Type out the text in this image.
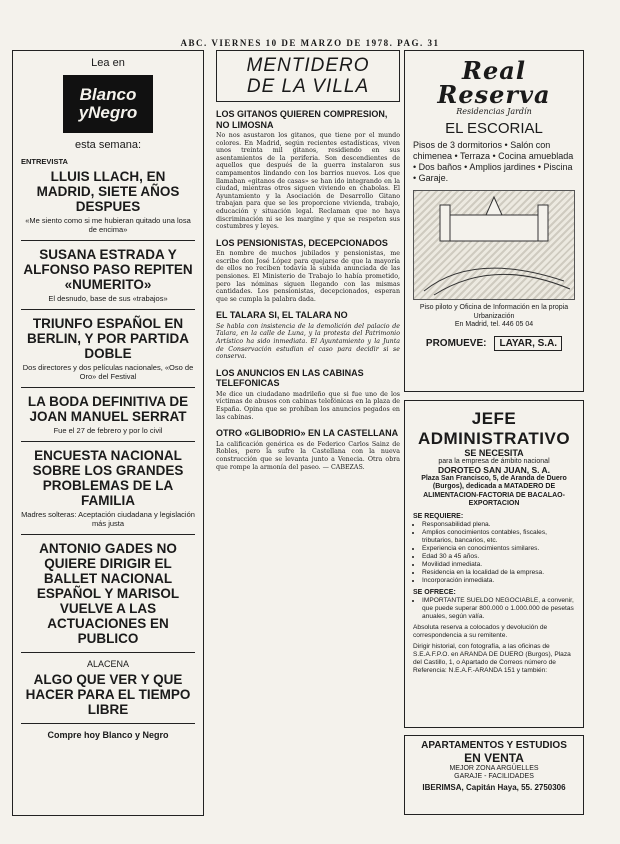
ABC. VIERNES 10 DE MARZO DE 1978. PAG. 31
Lea en
Blanco
yNegro
esta semana:
ENTREVISTA
LLUIS LLACH, EN MADRID, SIETE AÑOS DESPUES
«Me siento como si me hubieran quitado una losa de encima»
SUSANA ESTRADA Y ALFONSO PASO REPITEN «NUMERITO»
El desnudo, base de sus «trabajos»
TRIUNFO ESPAÑOL EN BERLIN, Y POR PARTIDA DOBLE
Dos directores y dos películas nacionales, «Oso de Oro» del Festival
LA BODA DEFINITIVA DE JOAN MANUEL SERRAT
Fue el 27 de febrero y por lo civil
ENCUESTA NACIONAL SOBRE LOS GRANDES PROBLEMAS DE LA FAMILIA
Madres solteras: Aceptación ciudadana y legislación más justa
ANTONIO GADES NO QUIERE DIRIGIR EL BALLET NACIONAL ESPAÑOL Y MARISOL VUELVE A LAS ACTUACIONES EN PUBLICO
ALACENA
ALGO QUE VER Y QUE HACER PARA EL TIEMPO LIBRE
Compre hoy Blanco y Negro
MENTIDERO
DE LA VILLA
LOS GITANOS QUIEREN COMPRESION, NO LIMOSNA
No nos asustaron los gitanos, que tiene por el mundo colores. En Madrid, según recientes estadísticas, viven unos treinta mil gitanos, residiendo en sus asentamientos de la periferia. Son descendientes de aquellos que después de la guerra instalaron sus campamentos lindando con los barrios nuevos. Los que llamaban «gitanos de casas» se han ido integrando en la ciudad, mientras otros siguen viviendo en chabolas. El Ayuntamiento y la Asociación de Desarrollo Gitano trabajan para que se les proporcione vivienda, trabajo, educación y situación legal. Reclaman que no haya discriminación ni se les margine y que se respeten sus costumbres y leyes.
LOS PENSIONISTAS, DECEPCIONADOS
En nombre de muchos jubilados y pensionistas, me escribe don José López para quejarse de que la mayoría de ellos no reciben todavía la subida anunciada de las pensiones. El Ministerio de Trabajo lo había prometido, pero las nóminas siguen llegando con las mismas cantidades. Los pensionistas, decepcionados, esperan que se cumpla la palabra dada.
EL TALARA SI, EL TALARA NO
Se habla con insistencia de la demolición del palacio de Talara, en la calle de Luna, y la protesta del Patrimonio Artístico ha sido inmediata. El Ayuntamiento y la Junta de Conservación estudian el caso para decidir si se conserva.
LOS ANUNCIOS EN LAS CABINAS TELEFONICAS
Me dice un ciudadano madrileño que si fue uno de los víctimas de abusos con cabinas telefónicas en la plaza de España. Opina que se prohíban los anuncios pegados en las cabinas.
OTRO «GLIBODRIO» EN LA CASTELLANA
La calificación genérica es de Federico Carlos Sainz de Robles, pero la sufre la Castellana con la nueva construcción que se levanta junto a Venecia. Otra obra que rompe la armonía del paseo. — CABEZAS.
Real
Reserva
Residencias Jardín
EL ESCORIAL
Pisos de 3 dormitorios • Salón con chimenea • Terraza • Cocina amueblada • Dos baños • Amplios jardines • Piscina • Garaje.
Piso piloto y Oficina de Información en la propia Urbanización
En Madrid, tel. 446 05 04
PROMUEVE:	LAYAR, S.A.
JEFE ADMINISTRATIVO
SE NECESITA
para la empresa de ámbito nacional
DOROTEO SAN JUAN, S. A.
Plaza San Francisco, 5, de Aranda de Duero (Burgos), dedicada a MATADERO DE ALIMENTACION-FACTORIA DE BACALAO-EXPORTACION
SE REQUIERE:
• Responsabilidad plena.
• Amplios conocimientos contables, fiscales, tributarios, bancarios, etc.
• Experiencia en conocimientos similares.
• Edad 30 a 45 años.
• Movilidad inmediata.
• Residencia en la localidad de la empresa.
• Incorporación inmediata.
SE OFRECE:
• IMPORTANTE SUELDO NEGOCIABLE, a convenir, que puede superar 800.000 o 1.000.000 de pesetas anuales, según valía.
Absoluta reserva a colocados y devolución de correspondencia a su remitente.
Dirigir historial, con fotografía, a las oficinas de S.E.A.F.P.O. en ARANDA DE DUERO (Burgos), Plaza del Castillo, 1, o Apartado de Correos número de Referencia: N.E.A.F.-ARANDA 151 y también:
APARTAMENTOS Y ESTUDIOS
EN VENTA
MEJOR ZONA ARGÜELLES
GARAJE - FACILIDADES
IBERIMSA, Capitán Haya, 55. 2750306
